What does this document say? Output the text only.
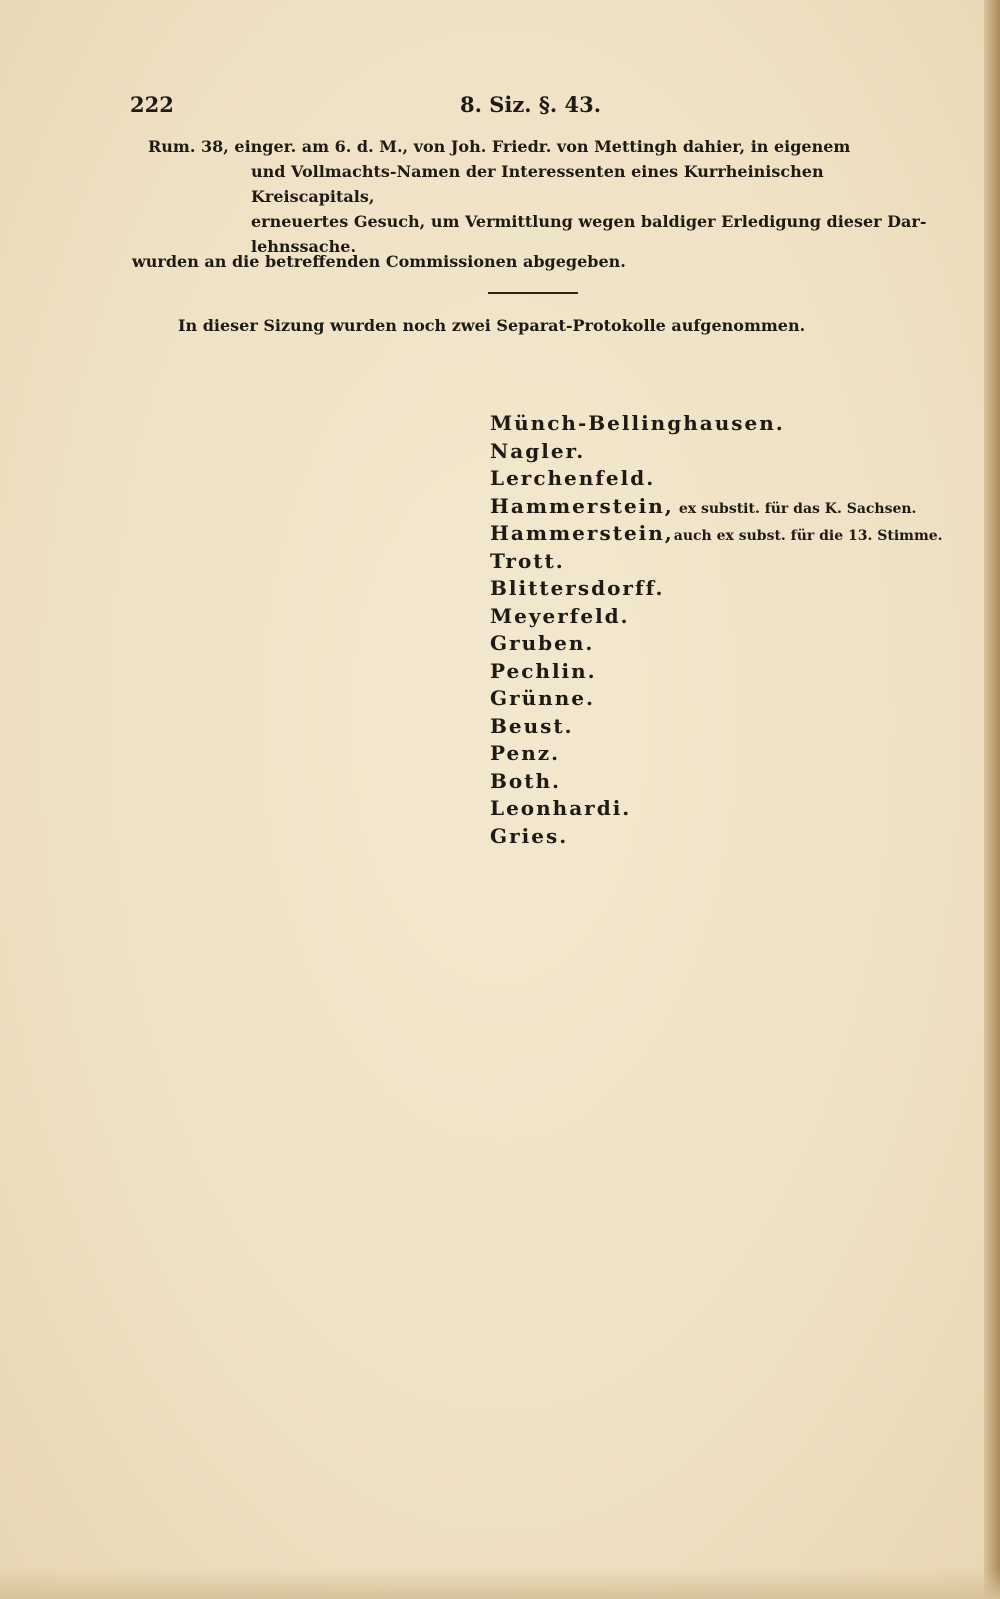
222	8. Siz. §. 43.

Rum. 38, einger. am 6. d. M., von Joh. Friedr. von Mettingh dahier, in eigenem

und Vollmachts-Namen der Interessenten eines Kurrheinischen Kreiscapitals,

erneuertes Gesuch, um Vermittlung wegen baldiger Erledigung dieser Dar-

lehnssache.

wurden an die betreffenden Commissionen abgegeben.
In dieser Sizung wurden noch zwei Separat-Protokolle aufgenommen.
Münch-Bellinghausen.
Nagler.
Lerchenfeld.
Hammerstein, ex substit. für das K. Sachsen.
Hammerstein,auch ex subst. für die 13. Stimme.
Trott.
Blittersdorff.
Meyerfeld.
Gruben.
Pechlin.
Grünne.
Beust.
Penz.
Both.
Leonhardi.
Gries.
